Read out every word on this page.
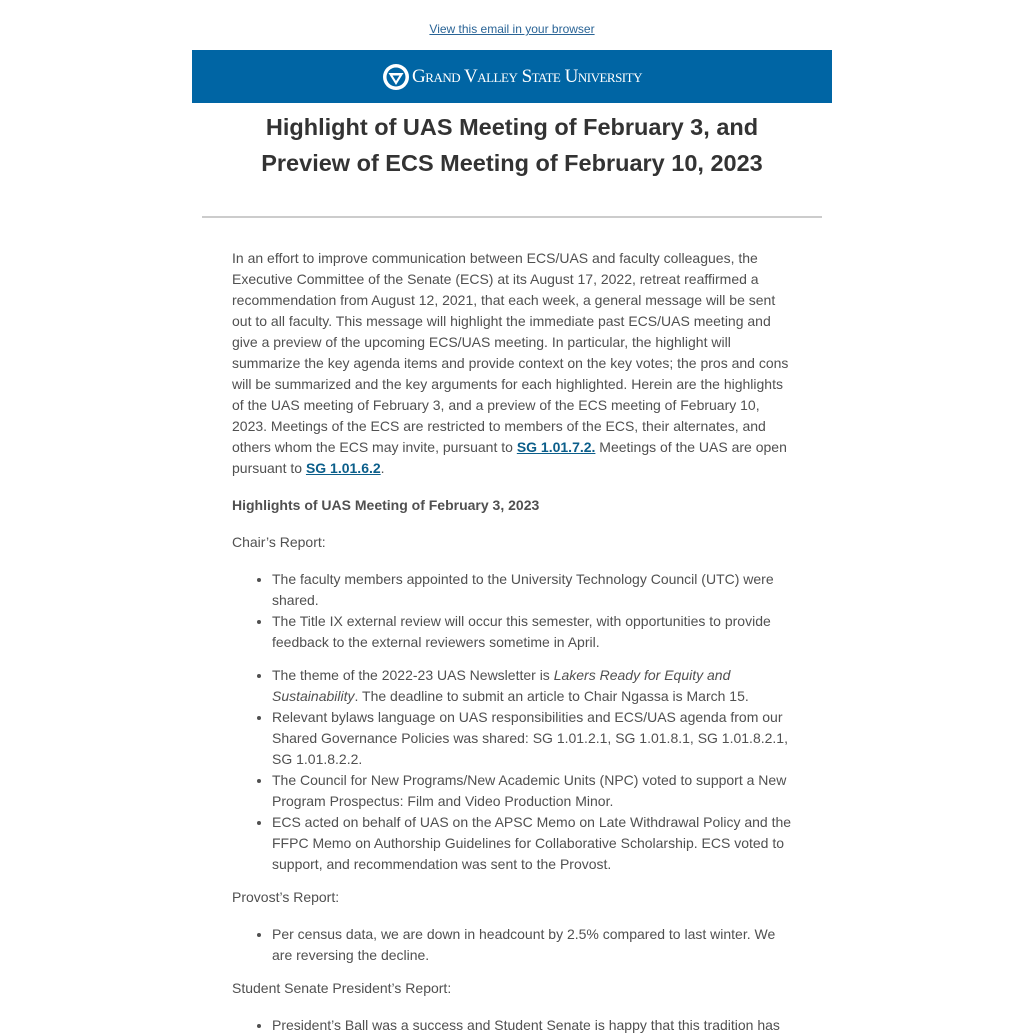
View this email in your browser
Grand Valley State University
Highlight of UAS Meeting of February 3, and
Preview of ECS Meeting of February 10, 2023

In an effort to improve communication between ECS/UAS and faculty colleagues, the Executive Committee of the Senate (ECS) at its August 17, 2022, retreat reaffirmed a recommendation from August 12, 2021, that each week, a general message will be sent out to all faculty. This message will highlight the immediate past ECS/UAS meeting and give a preview of the upcoming ECS/UAS meeting. In particular, the highlight will summarize the key agenda items and provide context on the key votes; the pros and cons will be summarized and the key arguments for each highlighted. Herein are the highlights of the UAS meeting of February 3, and a preview of the ECS meeting of February 10, 2023. Meetings of the ECS are restricted to members of the ECS, their alternates, and others whom the ECS may invite, pursuant to SG 1.01.7.2. Meetings of the UAS are open pursuant to SG 1.01.6.2.

Highlights of UAS Meeting of February 3, 2023

Chair’s Report:

• The faculty members appointed to the University Technology Council (UTC) were shared.
• The Title IX external review will occur this semester, with opportunities to provide feedback to the external reviewers sometime in April.
• The theme of the 2022-23 UAS Newsletter is Lakers Ready for Equity and Sustainability. The deadline to submit an article to Chair Ngassa is March 15.
• Relevant bylaws language on UAS responsibilities and ECS/UAS agenda from our Shared Governance Policies was shared: SG 1.01.2.1, SG 1.01.8.1, SG 1.01.8.2.1, SG 1.01.8.2.2.
• The Council for New Programs/New Academic Units (NPC) voted to support a New Program Prospectus: Film and Video Production Minor.
• ECS acted on behalf of UAS on the APSC Memo on Late Withdrawal Policy and the FFPC Memo on Authorship Guidelines for Collaborative Scholarship. ECS voted to support, and recommendation was sent to the Provost.

Provost’s Report:

• Per census data, we are down in headcount by 2.5% compared to last winter. We are reversing the decline.

Student Senate President’s Report:

• President’s Ball was a success and Student Senate is happy that this tradition has
